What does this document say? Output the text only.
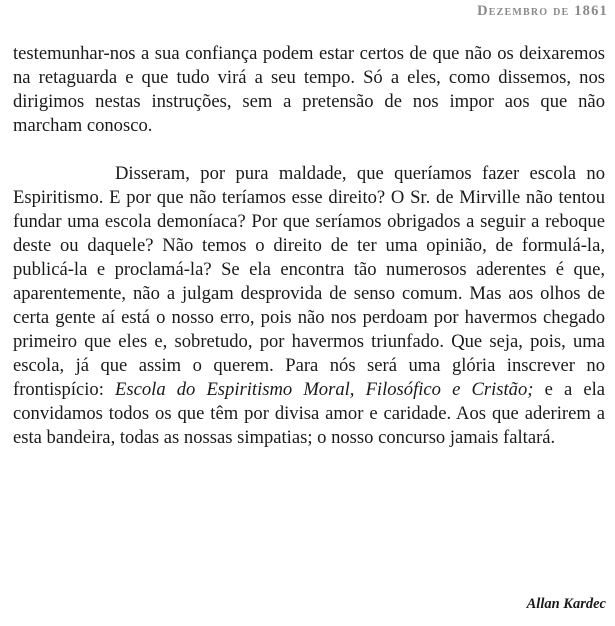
Dezembro de 1861

testemunhar-nos a sua confiança podem estar certos de que não os deixaremos na retaguarda e que tudo virá a seu tempo. Só a eles, como dissemos, nos dirigimos nestas instruções, sem a pretensão de nos impor aos que não marcham conosco.

Disseram, por pura maldade, que queríamos fazer escola no Espiritismo. E por que não teríamos esse direito? O Sr. de Mirville não tentou fundar uma escola demoníaca? Por que seríamos obrigados a seguir a reboque deste ou daquele? Não temos o direito de ter uma opinião, de formulá-la, publicá-la e proclamá-la? Se ela encontra tão numerosos aderentes é que, aparentemente, não a julgam desprovida de senso comum. Mas aos olhos de certa gente aí está o nosso erro, pois não nos perdoam por havermos chegado primeiro que eles e, sobretudo, por havermos triunfado. Que seja, pois, uma escola, já que assim o querem. Para nós será uma glória inscrever no frontispício: Escola do Espiritismo Moral, Filosófico e Cristão; e a ela convidamos todos os que têm por divisa amor e caridade. Aos que aderirem a esta bandeira, todas as nossas simpatias; o nosso concurso jamais faltará.

Allan Kardec
